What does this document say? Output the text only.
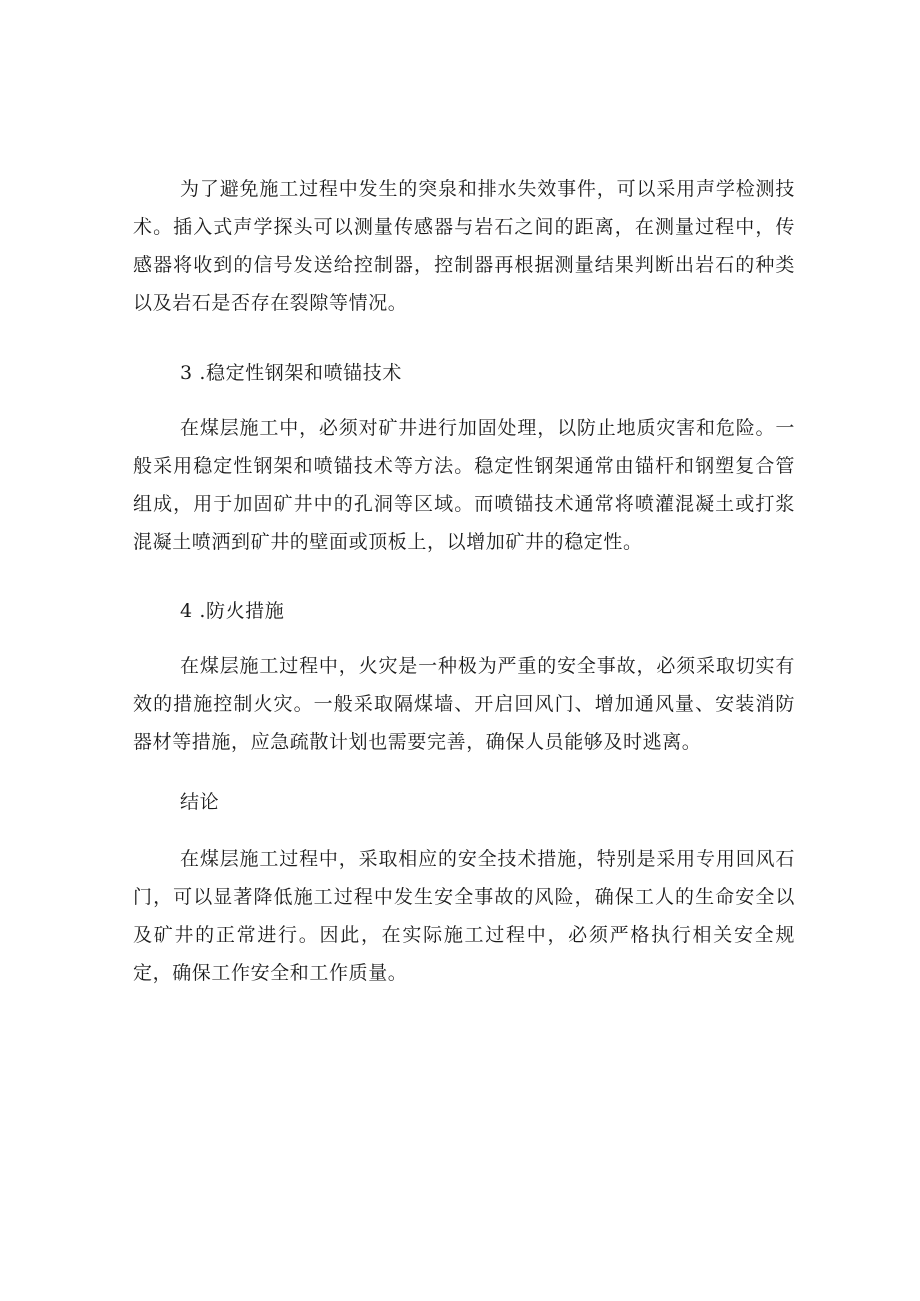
为了避免施工过程中发生的突泉和排水失效事件，可以采用声学检测技术。插入式声学探头可以测量传感器与岩石之间的距离，在测量过程中，传感器将收到的信号发送给控制器，控制器再根据测量结果判断出岩石的种类以及岩石是否存在裂隙等情况。

3 .稳定性钢架和喷锚技术

在煤层施工中，必须对矿井进行加固处理，以防止地质灾害和危险。一般采用稳定性钢架和喷锚技术等方法。稳定性钢架通常由锚杆和钢塑复合管组成，用于加固矿井中的孔洞等区域。而喷锚技术通常将喷灌混凝土或打浆混凝土喷洒到矿井的壁面或顶板上，以增加矿井的稳定性。

4 .防火措施

在煤层施工过程中，火灾是一种极为严重的安全事故，必须采取切实有效的措施控制火灾。一般采取隔煤墙、开启回风门、增加通风量、安装消防器材等措施，应急疏散计划也需要完善，确保人员能够及时逃离。

结论

在煤层施工过程中，采取相应的安全技术措施，特别是采用专用回风石门，可以显著降低施工过程中发生安全事故的风险，确保工人的生命安全以及矿井的正常进行。因此，在实际施工过程中，必须严格执行相关安全规定，确保工作安全和工作质量。
